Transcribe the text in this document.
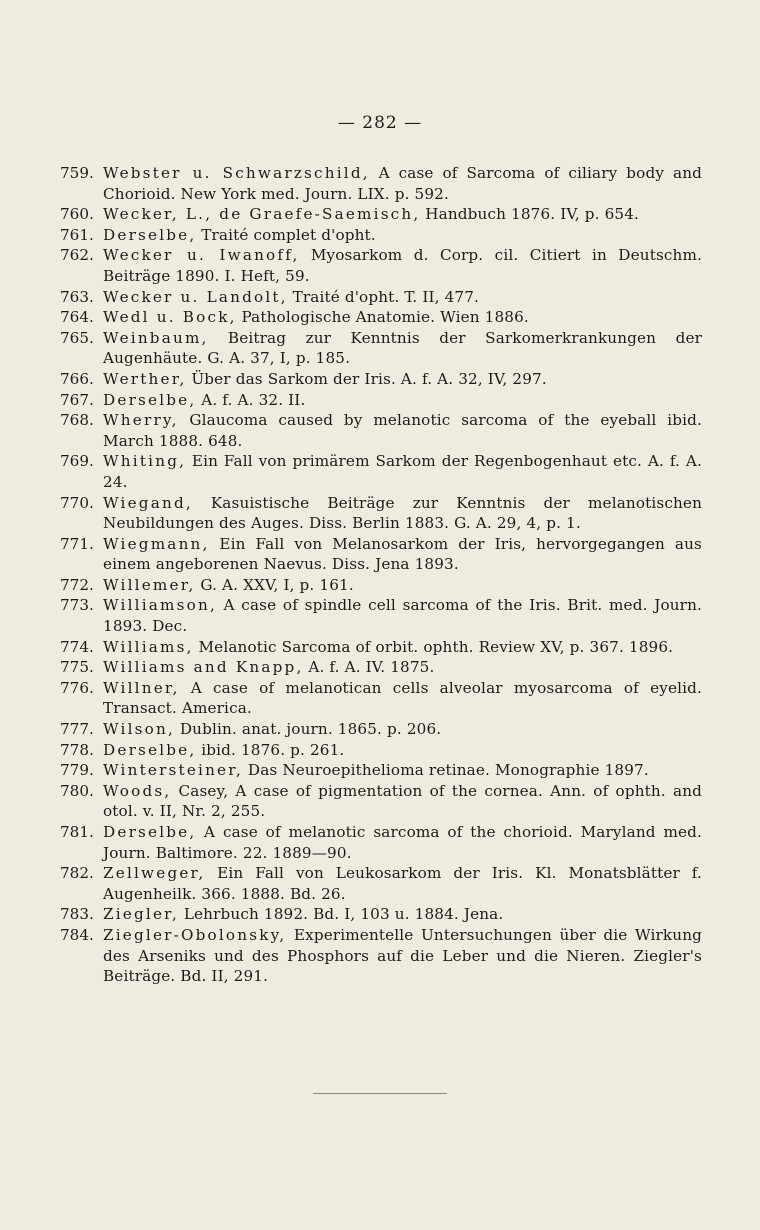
— 282 —
759. Webster u. Schwarzschild, A case of Sarcoma of ciliary body and Chorioid. New York med. Journ. LIX. p. 592.
760. Wecker, L., de Graefe-Saemisch, Handbuch 1876. IV, p. 654.
761. Derselbe, Traité complet d'opht.
762. Wecker u. Iwanoff, Myosarkom d. Corp. cil. Citiert in Deutschm. Beiträge 1890. I. Heft, 59.
763. Wecker u. Landolt, Traité d'opht. T. II, 477.
764. Wedl u. Bock, Pathologische Anatomie. Wien 1886.
765. Weinbaum, Beitrag zur Kenntnis der Sarkomerkrankungen der Augenhäute. G. A. 37, I, p. 185.
766. Werther, Über das Sarkom der Iris. A. f. A. 32, IV, 297.
767. Derselbe, A. f. A. 32. II.
768. Wherry, Glaucoma caused by melanotic sarcoma of the eyeball ibid. March 1888. 648.
769. Whiting, Ein Fall von primärem Sarkom der Regenbogenhaut etc. A. f. A. 24.
770. Wiegand, Kasuistische Beiträge zur Kenntnis der melanotischen Neubildungen des Auges. Diss. Berlin 1883. G. A. 29, 4, p. 1.
771. Wiegmann, Ein Fall von Melanosarkom der Iris, hervorgegangen aus einem angeborenen Naevus. Diss. Jena 1893.
772. Willemer, G. A. XXV, I, p. 161.
773. Williamson, A case of spindle cell sarcoma of the Iris. Brit. med. Journ. 1893. Dec.
774. Williams, Melanotic Sarcoma of orbit. ophth. Review XV, p. 367. 1896.
775. Williams and Knapp, A. f. A. IV. 1875.
776. Willner, A case of melanotican cells alveolar myosarcoma of eyelid. Transact. America.
777. Wilson, Dublin. anat. journ. 1865. p. 206.
778. Derselbe, ibid. 1876. p. 261.
779. Wintersteiner, Das Neuroepithelioma retinae. Monographie 1897.
780. Woods, Casey, A case of pigmentation of the cornea. Ann. of ophth. and otol. v. II, Nr. 2, 255.
781. Derselbe, A case of melanotic sarcoma of the chorioid. Maryland med. Journ. Baltimore. 22. 1889—90.
782. Zellweger, Ein Fall von Leukosarkom der Iris. Kl. Monatsblätter f. Augenheilk. 366. 1888. Bd. 26.
783. Ziegler, Lehrbuch 1892. Bd. I, 103 u. 1884. Jena.
784. Ziegler-Obolonsky, Experimentelle Untersuchungen über die Wirkung des Arseniks und des Phosphors auf die Leber und die Nieren. Ziegler's Beiträge. Bd. II, 291.
